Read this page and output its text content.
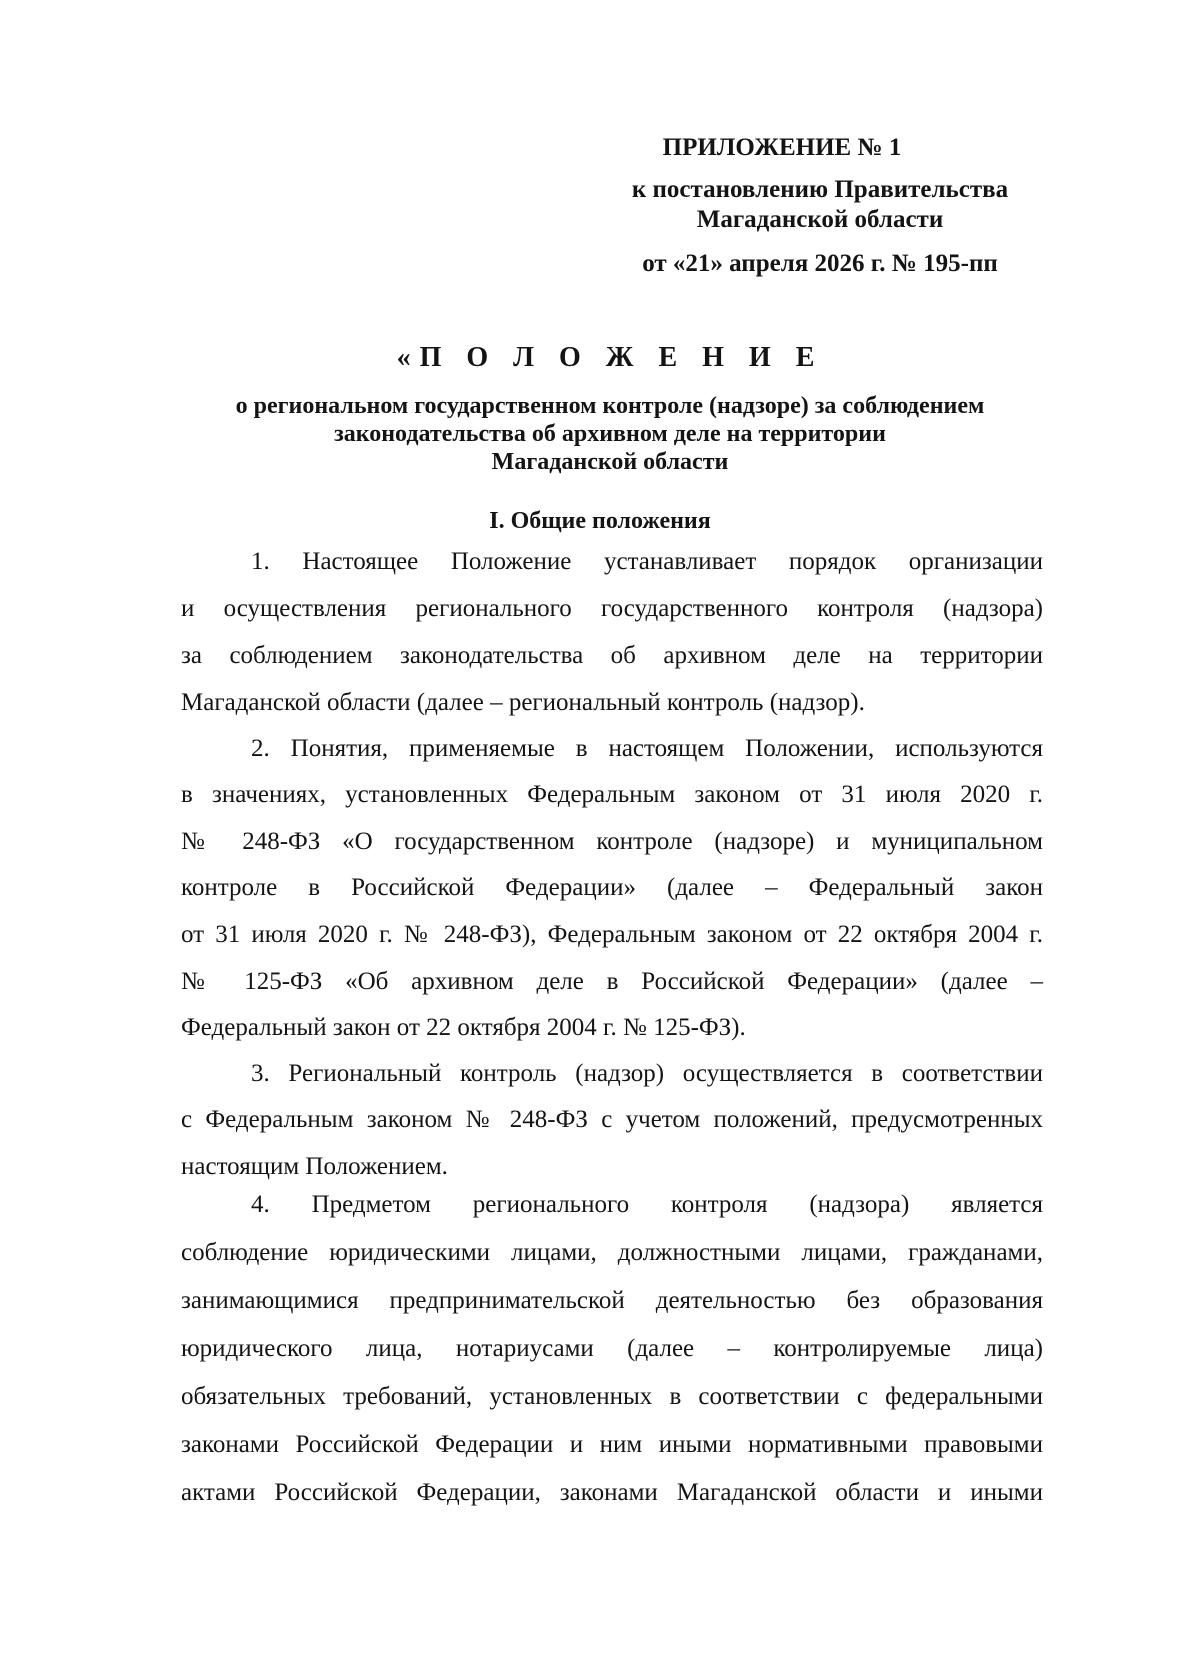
ПРИЛОЖЕНИЕ № 1

к постановлению Правительства

Магаданской области

от «21» апреля 2026 г. № 195-пп

«П О Л О Ж Е Н И Е

о региональном государственном контроле (надзоре) за соблюдением

законодательства об архивном деле на территории

Магаданской области

I. Общие положения

1. Настоящее Положение устанавливает порядок организации

и осуществления регионального государственного контроля (надзора)

за соблюдением законодательства об архивном деле на территории

Магаданской области (далее – региональный контроль (надзор).

2. Понятия, применяемые в настоящем Положении, используются

в значениях, установленных Федеральным законом от 31 июля 2020 г.

№ 248-ФЗ «О государственном контроле (надзоре) и муниципальном

контроле в Российской Федерации» (далее – Федеральный закон

от 31 июля 2020 г. № 248-ФЗ), Федеральным законом от 22 октября 2004 г.

№ 125-ФЗ «Об архивном деле в Российской Федерации» (далее –

Федеральный закон от 22 октября 2004 г. № 125-ФЗ).

3. Региональный контроль (надзор) осуществляется в соответствии

с Федеральным законом № 248-ФЗ с учетом положений, предусмотренных

настоящим Положением.

4. Предметом регионального контроля (надзора) является

соблюдение юридическими лицами, должностными лицами, гражданами,

занимающимися предпринимательской деятельностью без образования

юридического лица, нотариусами (далее – контролируемые лица)

обязательных требований, установленных в соответствии с федеральными

законами Российской Федерации и ним иными нормативными правовыми

актами Российской Федерации, законами Магаданской области и иными
